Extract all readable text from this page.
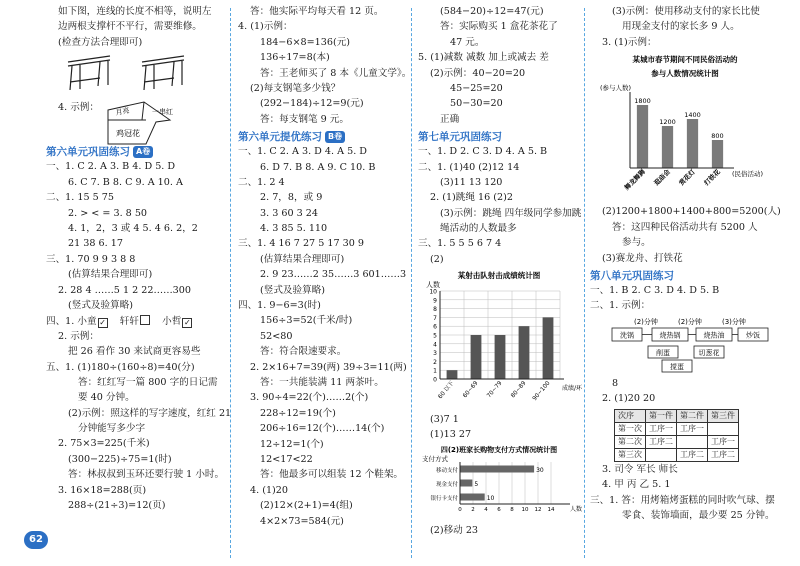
如下图，连线的长度不相等，说明左
边两根支撑杆不平行，需要维修。
(检查方法合理即可)
4. 示例： 月亮	一串红
鸡冠花
第六单元巩固练习 A卷
一、1. C 2. A 3. B 4. D 5. D
6. C 7. B 8. C 9. A 10. A
二、1. 15 5 75
2. > < = 3. 8 50
4. 1，2，3 或 4 5. 4 6. 2，2
21 38 6. 17
三、1. 70 9 9 3 8 8
(估算结果合理即可)
2. 28 4 ……5 1 2 22……300
(竖式及验算略)
四、1. 小童 ✓ 轩轩 小哲 ✓
2. 示例：
把 26 看作 30 来试商更容易些
五、1. (1)180÷(160÷8)=40(分)
答：红红写一篇 800 字的日记需
要 40 分钟。
(2)示例：照这样的写字速度，红红 21
分钟能写多少字
2. 75×3=225(千米)
(300−225)÷75=1(时)
答：林叔叔到玉环还要行驶 1 小时。
3. 16×18=288(页)
288÷(21÷3)=12(页)
答：他实际平均每天看 12 页。
4. (1)示例：
184−6×8=136(元)
136÷17=8(本)
答：王老师买了 8 本《儿童文学》。
(2)每支钢笔多少钱？
(292−184)÷12=9(元)
答：每支钢笔 9 元。
第六单元提优练习 B卷
一、1. C 2. A 3. D 4. A 5. D
6. D 7. B 8. A 9. C 10. B
二、1. 2 4
2. 7，8，或 9
3. 3 60 3 24
4. 3 85 5. 110
三、1. 4 16 7 27 5 17 30 9
(估算结果合理即可)
2. 9 23……2 35……3 601……3
(竖式及验算略)
四、1. 9−6=3(时)
156÷3=52(千米/时)
52<80
答：符合限速要求。
2. 2×16+7=39(两) 39÷3=11(两)
答：一共能装满 11 两茶叶。
3. 90÷4=22(个)……2(个)
228÷12=19(个)
206÷16=12(个)……14(个)
12÷12=1(个)
12<17<22
答：他最多可以组装 12 个鞋架。
4. (1)20
(2)12×(2+1)=4(组)
4×2×73=584(元)
(584−20)÷12=47(元)
答：实际购买 1 盒花茶花了
47 元。
5. (1)减数 减数 加上或减去 差
(2)示例：40−20=20
45−25=20
50−30=20
正确
第七单元巩固练习
一、1. D 2. C 3. D 4. A 5. B
二、1. (1)40 (2)12 14
(3)11 13 120
2. (1)跳绳 16 (2)2
(3)示例：跳绳 四年级同学参加跳
绳活动的人数最多
三、1. 5 5 5 6 7 4
(2)
某射击队射击成绩统计图
人数
0
1
2
3
4
5
6
7
8
9
10
60 以下 60~69 70~79 80~89 90~100 成绩/环
(3)7 1
(1)13 27
四(2)班家长购物支付方式情况统计图
支付方式
0 2 4 6 8 10 12 14
30
移动支付
5
现金支付
10
银行卡支付
人数
(2)移动 23
(3)示例：使用移动支付的家长比使
用现金支付的家长多 9 人。
3. (1)示例：
某城市春节期间不同民俗活动的
参与人数情况统计图
(参与人数)
1800
舞龙舞狮
1200
逛庙会
1400
赏花灯
800
打铁花 (民俗活动)
(2)1200+1800+1400+800=5200(人)
答：这四种民俗活动共有 5200 人
参与。
(3)赛龙舟、打铁花
第八单元巩固练习
一、1. B 2. C 3. D 4. D 5. B
二、1. 示例：
(2)分钟	(2)分钟	(3)分钟
洗锅	烧热锅	烧热油	炒饭
削蛋	切葱花
搅蛋
8
2. (1)20 20
次序	第一件	第二件	第三件
第一次	工序一	工序一	
第二次	工序二		工序一
第三次		工序二	工序二
3. 司令 军长 师长
4. 甲 丙 乙 5. 1
三、1. 答：用烤箱烤蛋糕的同时吹气球、摆
零食、装饰墙面，最少要 25 分钟。
62
